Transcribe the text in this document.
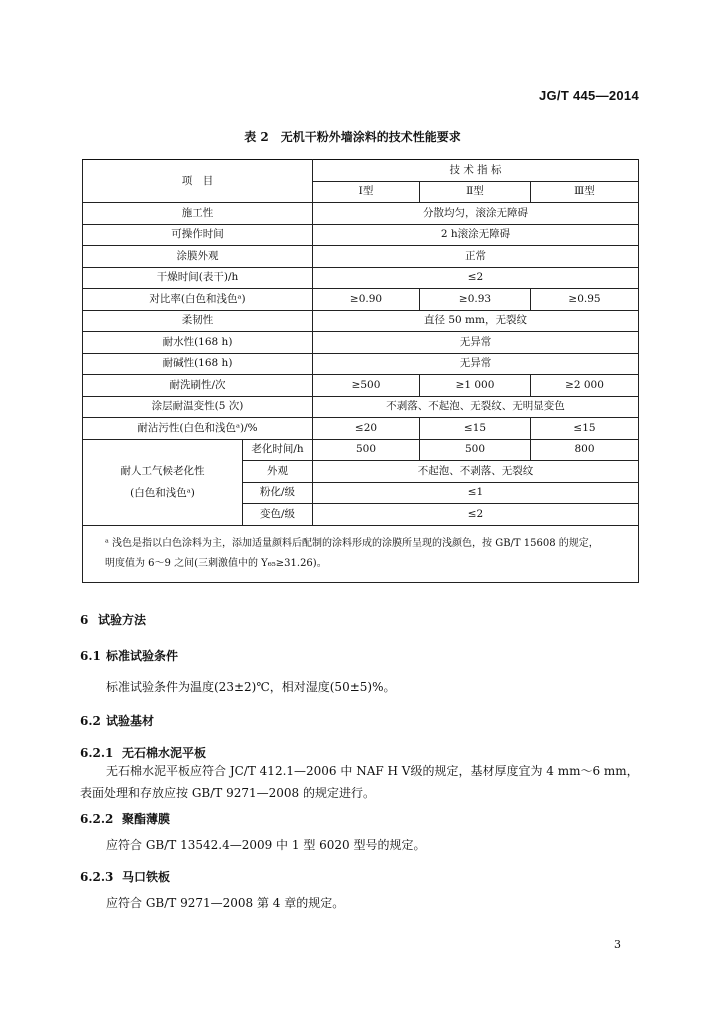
JG/T 445—2014
表 2　无机干粉外墙涂料的技术性能要求
项　目		技 术 指 标		
		Ⅰ型	Ⅱ型	Ⅲ型
施工性		分散均匀，滚涂无障碍		
可操作时间		2 h滚涂无障碍		
涂膜外观		正常		
干燥时间(表干)/h		≤2		
对比率(白色和浅色ᵃ)		≥0.90	≥0.93	≥0.95
柔韧性		直径 50 mm，无裂纹		
耐水性(168 h)		无异常		
耐碱性(168 h)		无异常		
耐洗刷性/次		≥500	≥1 000	≥2 000
涂层耐温变性(5 次)		不剥落、不起泡、无裂纹、无明显变色		
耐沾污性(白色和浅色ᵃ)/%		≤20	≤15	≤15
耐人工气候老化性
(白色和浅色ᵃ)	老化时间/h	500	500	800
	外观	不起泡、不剥落、无裂纹		
	粉化/级	≤1		
	变色/级	≤2		
ᵃ 浅色是指以白色涂料为主，添加适量颜料后配制的涂料形成的涂膜所呈现的浅颜色，按 GB/T 15608 的规定，
明度值为 6～9 之间(三刺激值中的 Y₆₅≥31.26)。				
6 试验方法
6.1 标准试验条件
标准试验条件为温度(23±2)℃，相对湿度(50±5)%。
6.2 试验基材
6.2.1 无石棉水泥平板
无石棉水泥平板应符合 JC/T 412.1—2006 中 NAF H Ⅴ级的规定，基材厚度宜为 4 mm～6 mm，
表面处理和存放应按 GB/T 9271—2008 的规定进行。
6.2.2 聚酯薄膜
应符合 GB/T 13542.4—2009 中 1 型 6020 型号的规定。
6.2.3 马口铁板
应符合 GB/T 9271—2008 第 4 章的规定。
3
